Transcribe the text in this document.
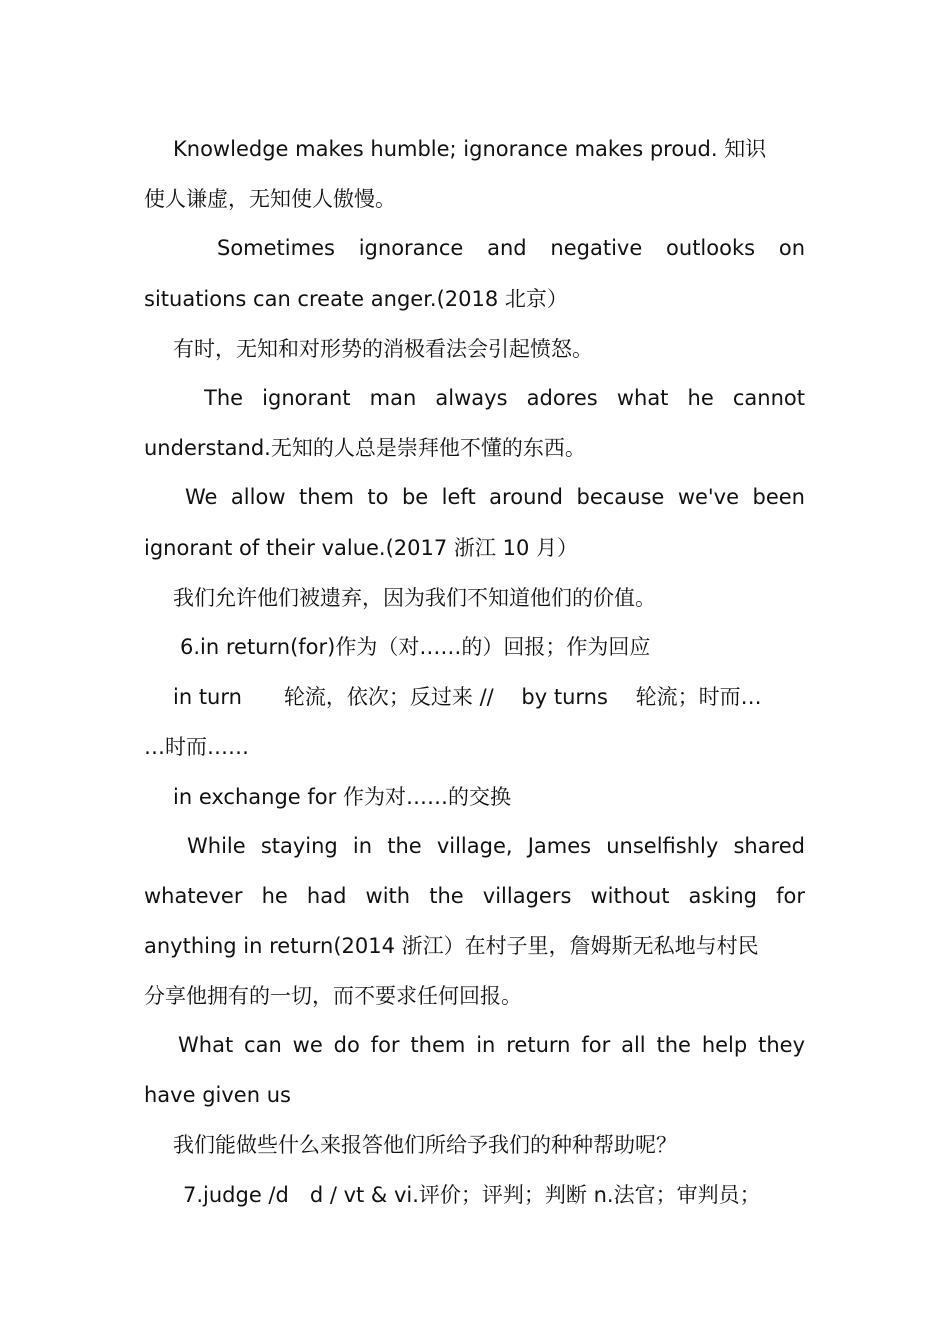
Knowledge makes humble; ignorance makes proud. 知识
使人谦虚，无知使人傲慢。
Sometimes ignorance and negative outlooks on
situations can create anger.(2018 北京）
有时，无知和对形势的消极看法会引起愤怒。
The ignorant man always adores what he cannot
understand.无知的人总是崇拜他不懂的东西。
We allow them to be left around because we've been
ignorant of their value.(2017 浙江 10 月）
我们允许他们被遗弃，因为我们不知道他们的价值。
6.in return(for)作为（对……的）回报；作为回应
in turn　　轮流，依次；反过来 //　 by turns　 轮流；时而…
…时而……
in exchange for 作为对……的交换
While staying in the village, James unselfishly shared
whatever he had with the villagers without asking for
anything in return(2014 浙江）在村子里，詹姆斯无私地与村民
分享他拥有的一切，而不要求任何回报。
What can we do for them in return for all the help they
have given us
我们能做些什么来报答他们所给予我们的种种帮助呢？
7.judge /d　d / vt & vi.评价；评判；判断 n.法官；审判员；
